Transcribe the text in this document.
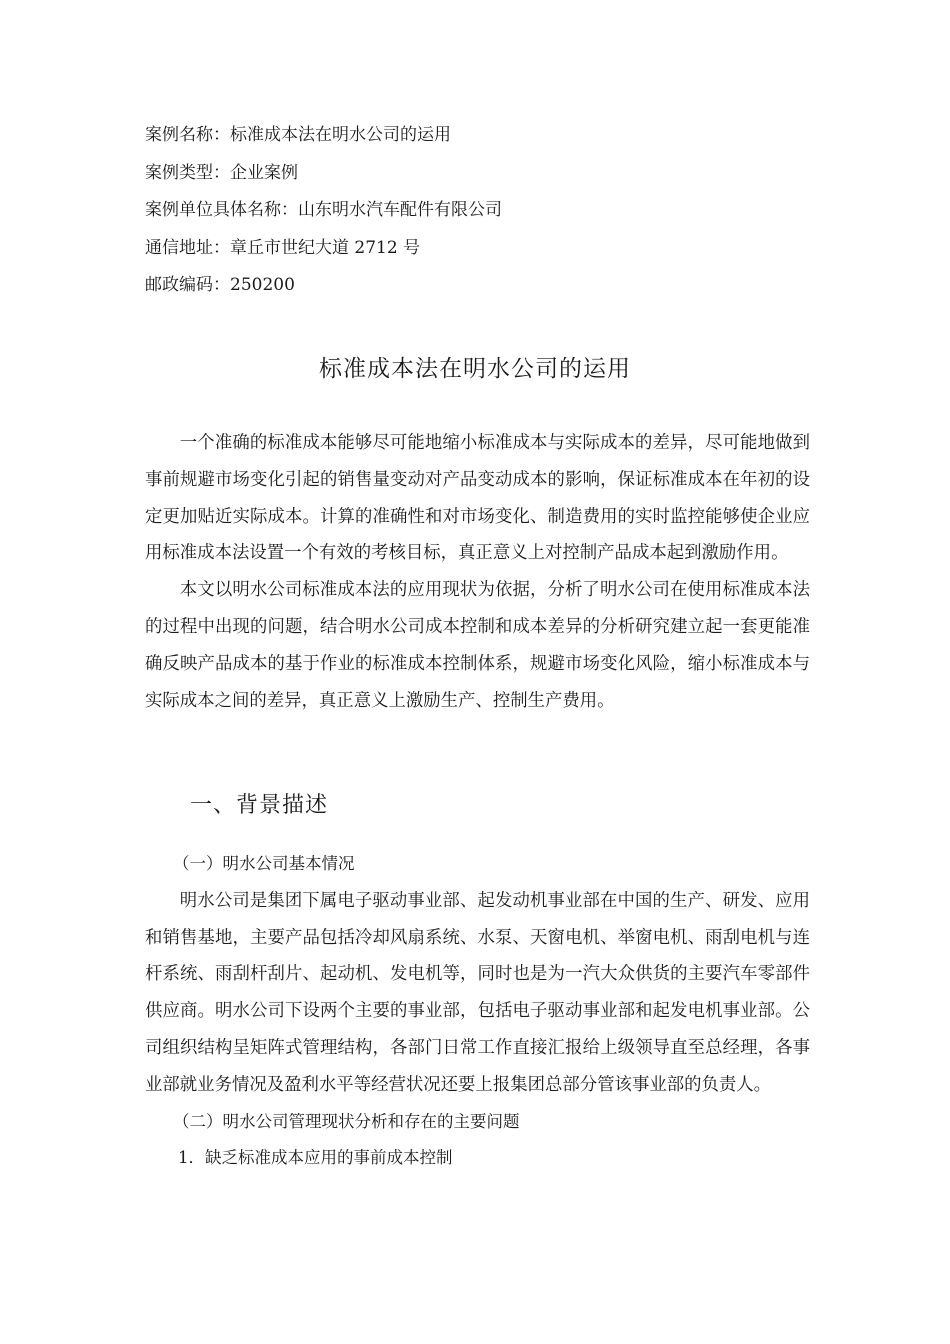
案例名称：标准成本法在明水公司的运用
案例类型：企业案例
案例单位具体名称：山东明水汽车配件有限公司
通信地址：章丘市世纪大道 2712 号
邮政编码：250200
标准成本法在明水公司的运用

一个准确的标准成本能够尽可能地缩小标准成本与实际成本的差异，尽可能地做到事前规避市场变化引起的销售量变动对产品变动成本的影响，保证标准成本在年初的设定更加贴近实际成本。计算的准确性和对市场变化、制造费用的实时监控能够使企业应用标准成本法设置一个有效的考核目标，真正意义上对控制产品成本起到激励作用。

本文以明水公司标准成本法的应用现状为依据，分析了明水公司在使用标准成本法的过程中出现的问题，结合明水公司成本控制和成本差异的分析研究建立起一套更能准确反映产品成本的基于作业的标准成本控制体系，规避市场变化风险，缩小标准成本与实际成本之间的差异，真正意义上激励生产、控制生产费用。

一、背景描述

（一）明水公司基本情况

明水公司是集团下属电子驱动事业部、起发动机事业部在中国的生产、研发、应用和销售基地，主要产品包括冷却风扇系统、水泵、天窗电机、举窗电机、雨刮电机与连杆系统、雨刮杆刮片、起动机、发电机等，同时也是为一汽大众供货的主要汽车零部件供应商。明水公司下设两个主要的事业部，包括电子驱动事业部和起发电机事业部。公司组织结构呈矩阵式管理结构，各部门日常工作直接汇报给上级领导直至总经理，各事业部就业务情况及盈利水平等经营状况还要上报集团总部分管该事业部的负责人。

（二）明水公司管理现状分析和存在的主要问题

1．缺乏标准成本应用的事前成本控制
